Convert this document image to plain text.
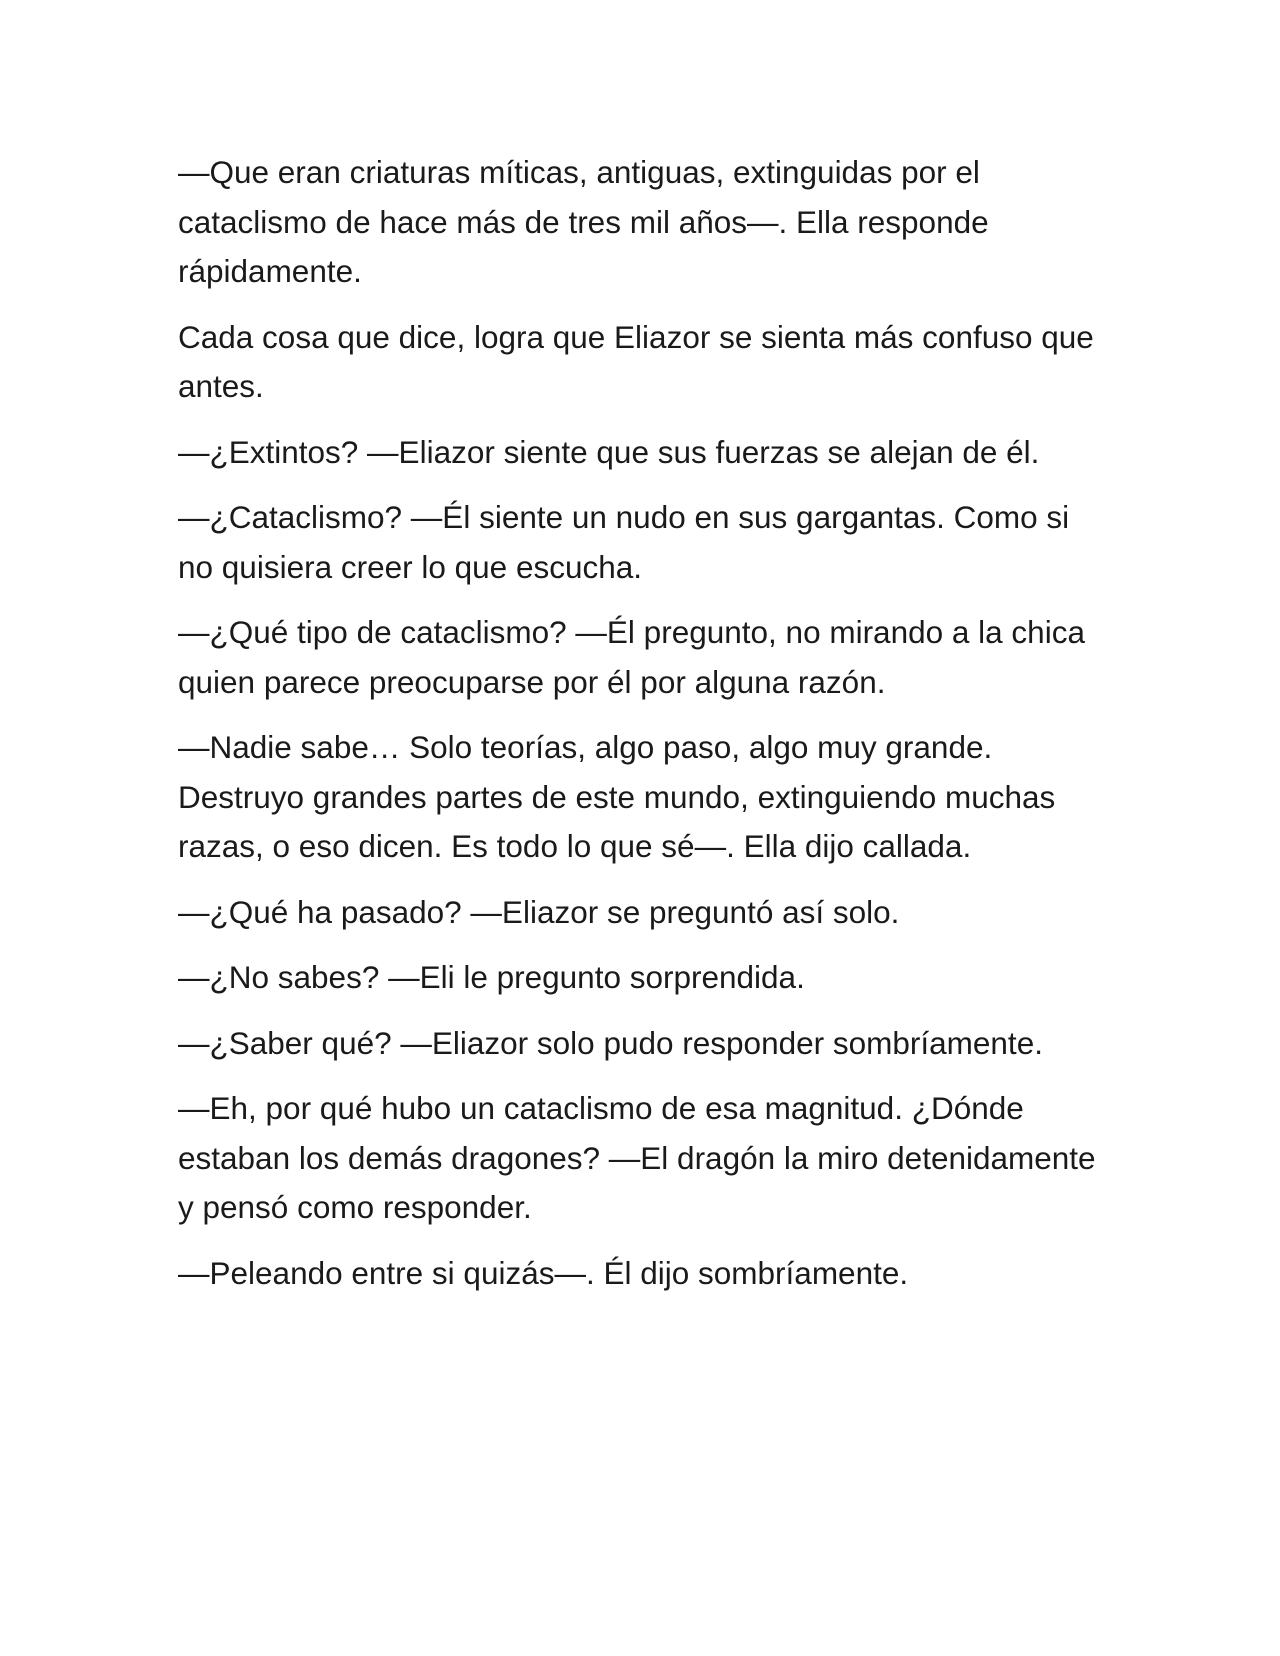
—Que eran criaturas míticas, antiguas, extinguidas por el cataclismo de hace más de tres mil años—. Ella responde rápidamente.

Cada cosa que dice, logra que Eliazor se sienta más confuso que antes.

—¿Extintos? —Eliazor siente que sus fuerzas se alejan de él.

—¿Cataclismo? —Él siente un nudo en sus gargantas. Como si no quisiera creer lo que escucha.

—¿Qué tipo de cataclismo? —Él pregunto, no mirando a la chica quien parece preocuparse por él por alguna razón.

—Nadie sabe… Solo teorías, algo paso, algo muy grande. Destruyo grandes partes de este mundo, extinguiendo muchas razas, o eso dicen. Es todo lo que sé—. Ella dijo callada.

—¿Qué ha pasado? —Eliazor se preguntó así solo.

—¿No sabes? —Eli le pregunto sorprendida.

—¿Saber qué? —Eliazor solo pudo responder sombríamente.

—Eh, por qué hubo un cataclismo de esa magnitud. ¿Dónde estaban los demás dragones? —El dragón la miro detenidamente y pensó como responder.

—Peleando entre si quizás—. Él dijo sombríamente.
